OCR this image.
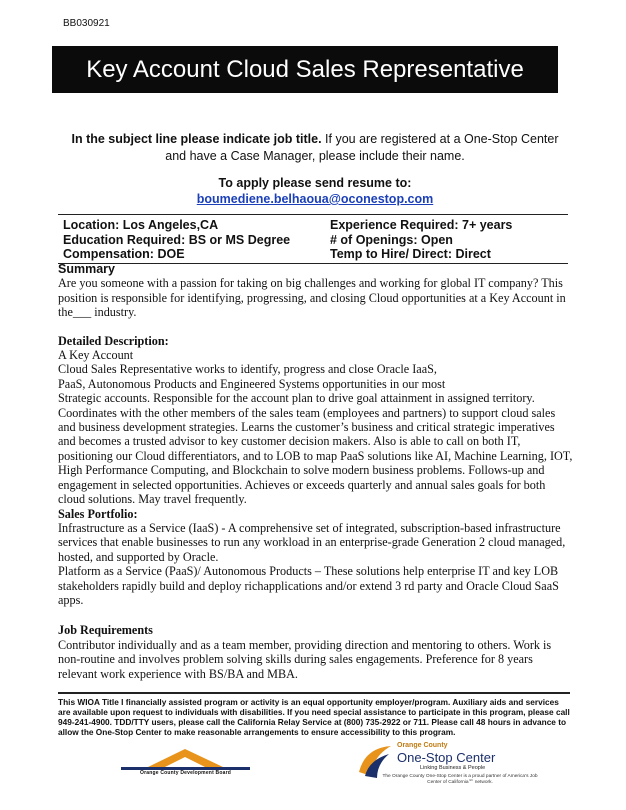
BB030921
Key Account Cloud Sales Representative
In the subject line please indicate job title. If you are registered at a One-Stop Center and have a Case Manager, please include their name.
To apply please send resume to:
boumediene.belhaoua@oconestop.com
Location: Los Angeles,CA
Education Required: BS or MS Degree
Compensation: DOE
Experience Required: 7+ years
# of Openings: Open
Temp to Hire/ Direct: Direct

Summary

Are you someone with a passion for taking on big challenges and working for global IT company? This position is responsible for identifying, progressing, and closing Cloud opportunities at a Key Account in the___ industry.

Detailed Description:

A Key Account

Cloud Sales Representative works to identify, progress and close Oracle IaaS,

PaaS, Autonomous Products and Engineered Systems opportunities in our most

Strategic accounts. Responsible for the account plan to drive goal attainment in assigned territory.

Coordinates with the other members of the sales team (employees and partners) to support cloud sales and business development strategies. Learns the customer’s business and critical strategic imperatives and becomes a trusted advisor to key customer decision makers. Also is able to call on both IT, positioning our Cloud differentiators, and to LOB to map PaaS solutions like AI, Machine Learning, IOT, High Performance Computing, and Blockchain to solve modern business problems. Follows-up and engagement in selected opportunities. Achieves or exceeds quarterly and annual sales goals for both cloud solutions. May travel frequently.

Sales Portfolio:

Infrastructure as a Service (IaaS) - A comprehensive set of integrated, subscription-based infrastructure services that enable businesses to run any workload in an enterprise-grade Generation 2 cloud managed, hosted, and supported by Oracle.

Platform as a Service (PaaS)/ Autonomous Products – These solutions help enterprise IT and key LOB stakeholders rapidly build and deploy richapplications and/or extend 3 rd party and Oracle Cloud SaaS apps.

Job Requirements

Contributor individually and as a team member, providing direction and mentoring to others. Work is non-routine and involves problem solving skills during sales engagements. Preference for 8 years relevant work experience with BS/BA and MBA.

This WIOA Title I financially assisted program or activity is an equal opportunity employer/program. Auxiliary aids and services are available upon request to individuals with disabilities. If you need special assistance to participate in this program, please call 949-241-4900. TDD/TTY users, please call the California Relay Service at (800) 735-2922 or 711. Please call 48 hours in advance to allow the One-Stop Center to make reasonable arrangements to ensure accessibility to this program.
Orange County Development Board
Orange County
One-Stop Center
Linking Business & People
The Orange County One-Stop Center is a proud partner of America’s Job Center of California℠ network.
